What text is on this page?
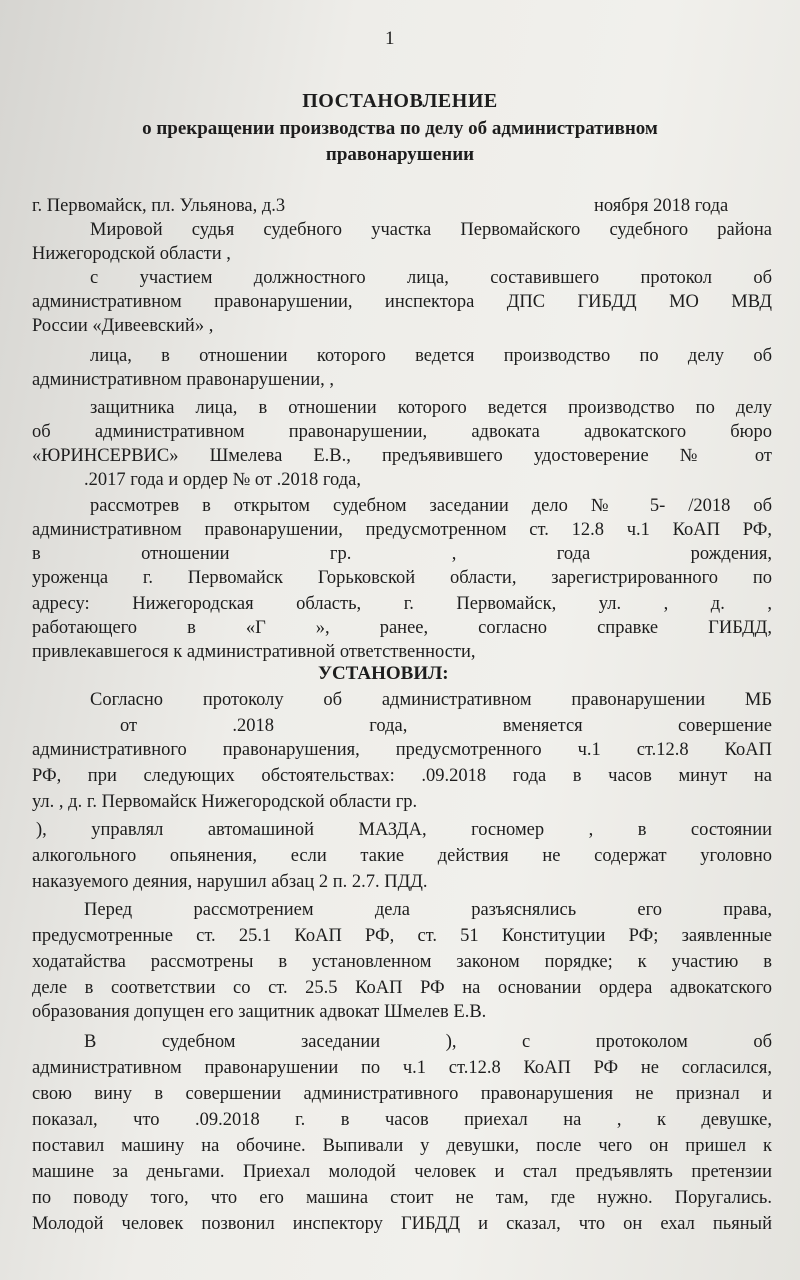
1
ПОСТАНОВЛЕНИЕ
о прекращении производства по делу об административном
правонарушении
г. Первомайск, пл. Ульянова, д.3	ноября 2018 года
Мировой судья судебного участка Первомайского судебного района
Нижегородской области ,
с участием должностного лица, составившего протокол об
административном правонарушении, инспектора ДПС ГИБДД МО МВД
России «Дивеевский» ,
лица, в отношении которого ведется производство по делу об
административном правонарушении, ,
защитника лица, в отношении которого ведется производство по делу
об административном правонарушении, адвоката адвокатского бюро
«ЮРИНСЕРВИС» Шмелева Е.В., предъявившего удостоверение № от
.2017 года и ордер № от .2018 года,
рассмотрев в открытом судебном заседании дело № 5- /2018 об
административном правонарушении, предусмотренном ст. 12.8 ч.1 КоАП РФ,
в отношении гр. , года рождения,
уроженца г. Первомайск Горьковской области, зарегистрированного по
адресу: Нижегородская область, г. Первомайск, ул. , д. ,
работающего в «Г », ранее, согласно справке ГИБДД,
привлекавшегося к административной ответственности,
УСТАНОВИЛ:
Согласно протоколу об административном правонарушении МБ
от .2018 года, вменяется совершение
административного правонарушения, предусмотренного ч.1 ст.12.8 КоАП
РФ, при следующих обстоятельствах: .09.2018 года в часов минут на
ул. , д. г. Первомайск Нижегородской области гр.
), управлял автомашиной МАЗДА, госномер , в состоянии
алкогольного опьянения, если такие действия не содержат уголовно
наказуемого деяния, нарушил абзац 2 п. 2.7. ПДД.
Перед рассмотрением дела разъяснялись его права,
предусмотренные ст. 25.1 КоАП РФ, ст. 51 Конституции РФ; заявленные
ходатайства рассмотрены в установленном законом порядке; к участию в
деле в соответствии со ст. 25.5 КоАП РФ на основании ордера адвокатского
образования допущен его защитник адвокат Шмелев Е.В.
В судебном заседании ), с протоколом об
административном правонарушении по ч.1 ст.12.8 КоАП РФ не согласился,
свою вину в совершении административного правонарушения не признал и
показал, что .09.2018 г. в часов приехал на , к девушке,
поставил машину на обочине. Выпивали у девушки, после чего он пришел к
машине за деньгами. Приехал молодой человек и стал предъявлять претензии
по поводу того, что его машина стоит не там, где нужно. Поругались.
Молодой человек позвонил инспектору ГИБДД и сказал, что он ехал пьяный
